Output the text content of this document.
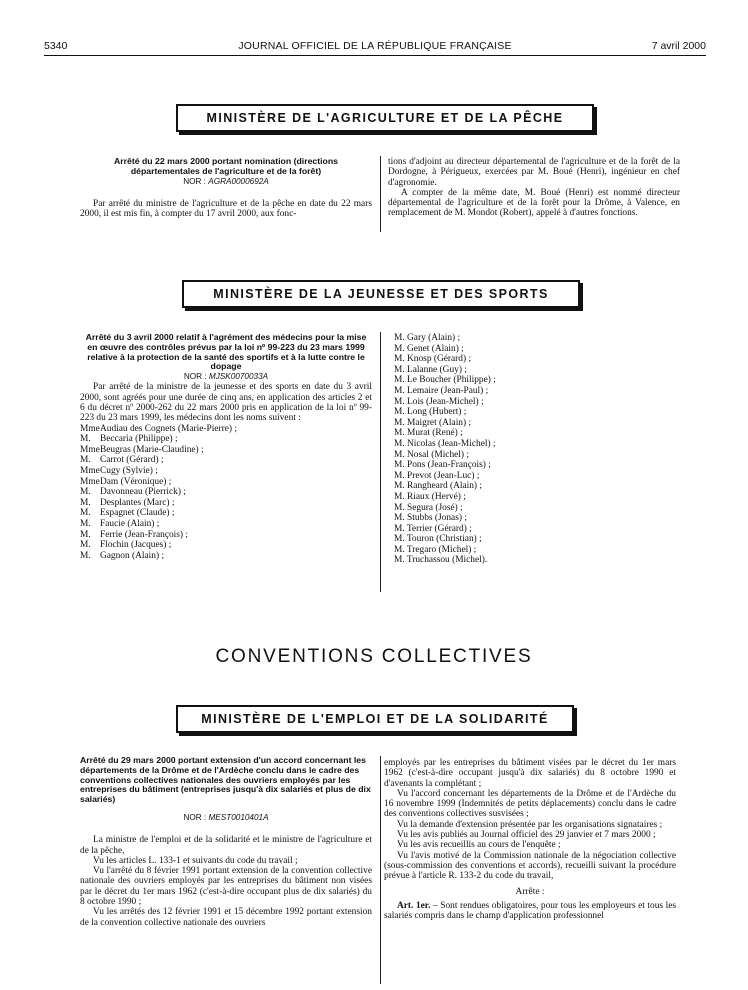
5340	JOURNAL OFFICIEL DE LA RÉPUBLIQUE FRANÇAISE	7 avril 2000
MINISTÈRE DE L'AGRICULTURE ET DE LA PÊCHE

Arrêté du 22 mars 2000 portant nomination (directions départementales de l'agriculture et de la forêt)

NOR : AGRA0000692A

Par arrêté du ministre de l'agriculture et de la pêche en date du 22 mars 2000, il est mis fin, à compter du 17 avril 2000, aux fonc-

tions d'adjoint au directeur départemental de l'agriculture et de la forêt de la Dordogne, à Périgueux, exercées par M. Boué (Henri), ingénieur en chef d'agronomie.

A compter de la même date, M. Boué (Henri) est nommé directeur départemental de l'agriculture et de la forêt pour la Drôme, à Valence, en remplacement de M. Mondot (Robert), appelé à d'autres fonctions.

MINISTÈRE DE LA JEUNESSE ET DES SPORTS

Arrêté du 3 avril 2000 relatif à l'agrément des médecins pour la mise en œuvre des contrôles prévus par la loi nº 99-223 du 23 mars 1999 relative à la protection de la santé des sportifs et à la lutte contre le dopage

NOR : MJSK0070033A

Par arrêté de la ministre de la jeunesse et des sports en date du 3 avril 2000, sont agréés pour une durée de cinq ans, en application des articles 2 et 6 du décret nº 2000-262 du 22 mars 2000 pris en application de la loi nº 99-223 du 23 mars 1999, les médecins dont les noms suivent :

MmeAudiau des Cognets (Marie-Pierre) ;
M. Beccaria (Philippe) ;
MmeBeugras (Marie-Claudine) ;
M. Carrot (Gérard) ;
MmeCugy (Sylvie) ;
MmeDam (Véronique) ;
M. Davonneau (Pierrick) ;
M. Desplantes (Marc) ;
M. Espagnet (Claude) ;
M. Faucie (Alain) ;
M. Ferrie (Jean-François) ;
M. Flochin (Jacques) ;
M. Gagnon (Alain) ;
M. Gary (Alain) ;
M. Genet (Alain) ;
M. Knosp (Gérard) ;
M. Lalanne (Guy) ;
M. Le Boucher (Philippe) ;
M. Lemaire (Jean-Paul) ;
M. Lois (Jean-Michel) ;
M. Long (Hubert) ;
M. Maigret (Alain) ;
M. Murat (René) ;
M. Nicolas (Jean-Michel) ;
M. Nosal (Michel) ;
M. Pons (Jean-François) ;
M. Prevot (Jean-Luc) ;
M. Rangheard (Alain) ;
M. Riaux (Hervé) ;
M. Segura (José) ;
M. Stubbs (Jonas) ;
M. Terrier (Gérard) ;
M. Touron (Christian) ;
M. Tregaro (Michel) ;
M. Truchassou (Michel).
CONVENTIONS COLLECTIVES
MINISTÈRE DE L'EMPLOI ET DE LA SOLIDARITÉ

Arrêté du 29 mars 2000 portant extension d'un accord concernant les départements de la Drôme et de l'Ardèche conclu dans le cadre des conventions collectives nationales des ouvriers employés par les entreprises du bâtiment (entreprises jusqu'à dix salariés et plus de dix salariés)

NOR : MEST0010401A

La ministre de l'emploi et de la solidarité et le ministre de l'agriculture et de la pêche,

Vu les articles L. 133-1 et suivants du code du travail ;

Vu l'arrêté du 8 février 1991 portant extension de la convention collective nationale des ouvriers employés par les entreprises du bâtiment non visées par le décret du 1er mars 1962 (c'est-à-dire occupant plus de dix salariés) du 8 octobre 1990 ;

Vu les arrêtés des 12 février 1991 et 15 décembre 1992 portant extension de la convention collective nationale des ouvriers

employés par les entreprises du bâtiment visées par le décret du 1er mars 1962 (c'est-à-dire occupant jusqu'à dix salariés) du 8 octobre 1990 et d'avenants la complétant ;

Vu l'accord concernant les départements de la Drôme et de l'Ardèche du 16 novembre 1999 (Indemnités de petits déplacements) conclu dans le cadre des conventions collectives susvisées ;

Vu la demande d'extension présentée par les organisations signataires ;

Vu les avis publiés au Journal officiel des 29 janvier et 7 mars 2000 ;

Vu les avis recueillis au cours de l'enquête ;

Vu l'avis motivé de la Commission nationale de la négociation collective (sous-commission des conventions et accords), recueilli suivant la procédure prévue à l'article R. 133-2 du code du travail,

Arrête :

Art. 1er. – Sont rendues obligatoires, pour tous les employeurs et tous les salariés compris dans le champ d'application professionnel
